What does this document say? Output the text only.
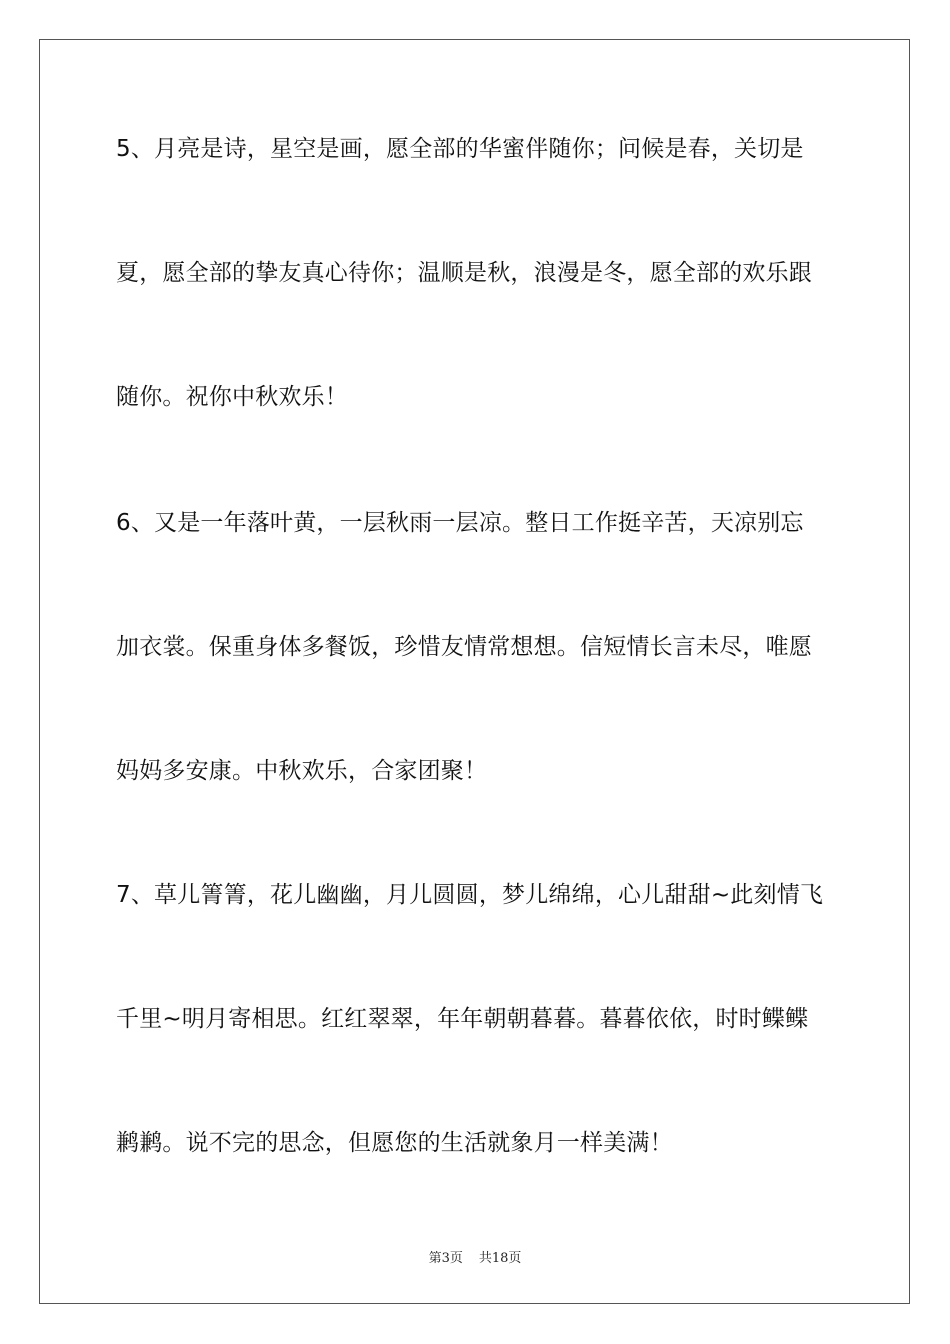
5、月亮是诗，星空是画，愿全部的华蜜伴随你；问候是春，关切是
夏，愿全部的挚友真心待你；温顺是秋，浪漫是冬，愿全部的欢乐跟
随你。祝你中秋欢乐！
6、又是一年落叶黄，一层秋雨一层凉。整日工作挺辛苦，天凉别忘
加衣裳。保重身体多餐饭，珍惜友情常想想。信短情长言未尽，唯愿
妈妈多安康。中秋欢乐，合家团聚！
7、草儿箐箐，花儿幽幽，月儿圆圆，梦儿绵绵，心儿甜甜~此刻情飞
千里~明月寄相思。红红翠翠，年年朝朝暮暮。暮暮依依，时时鲽鲽
鹣鹣。说不完的思念，但愿您的生活就象月一样美满！
第3页 共18页
